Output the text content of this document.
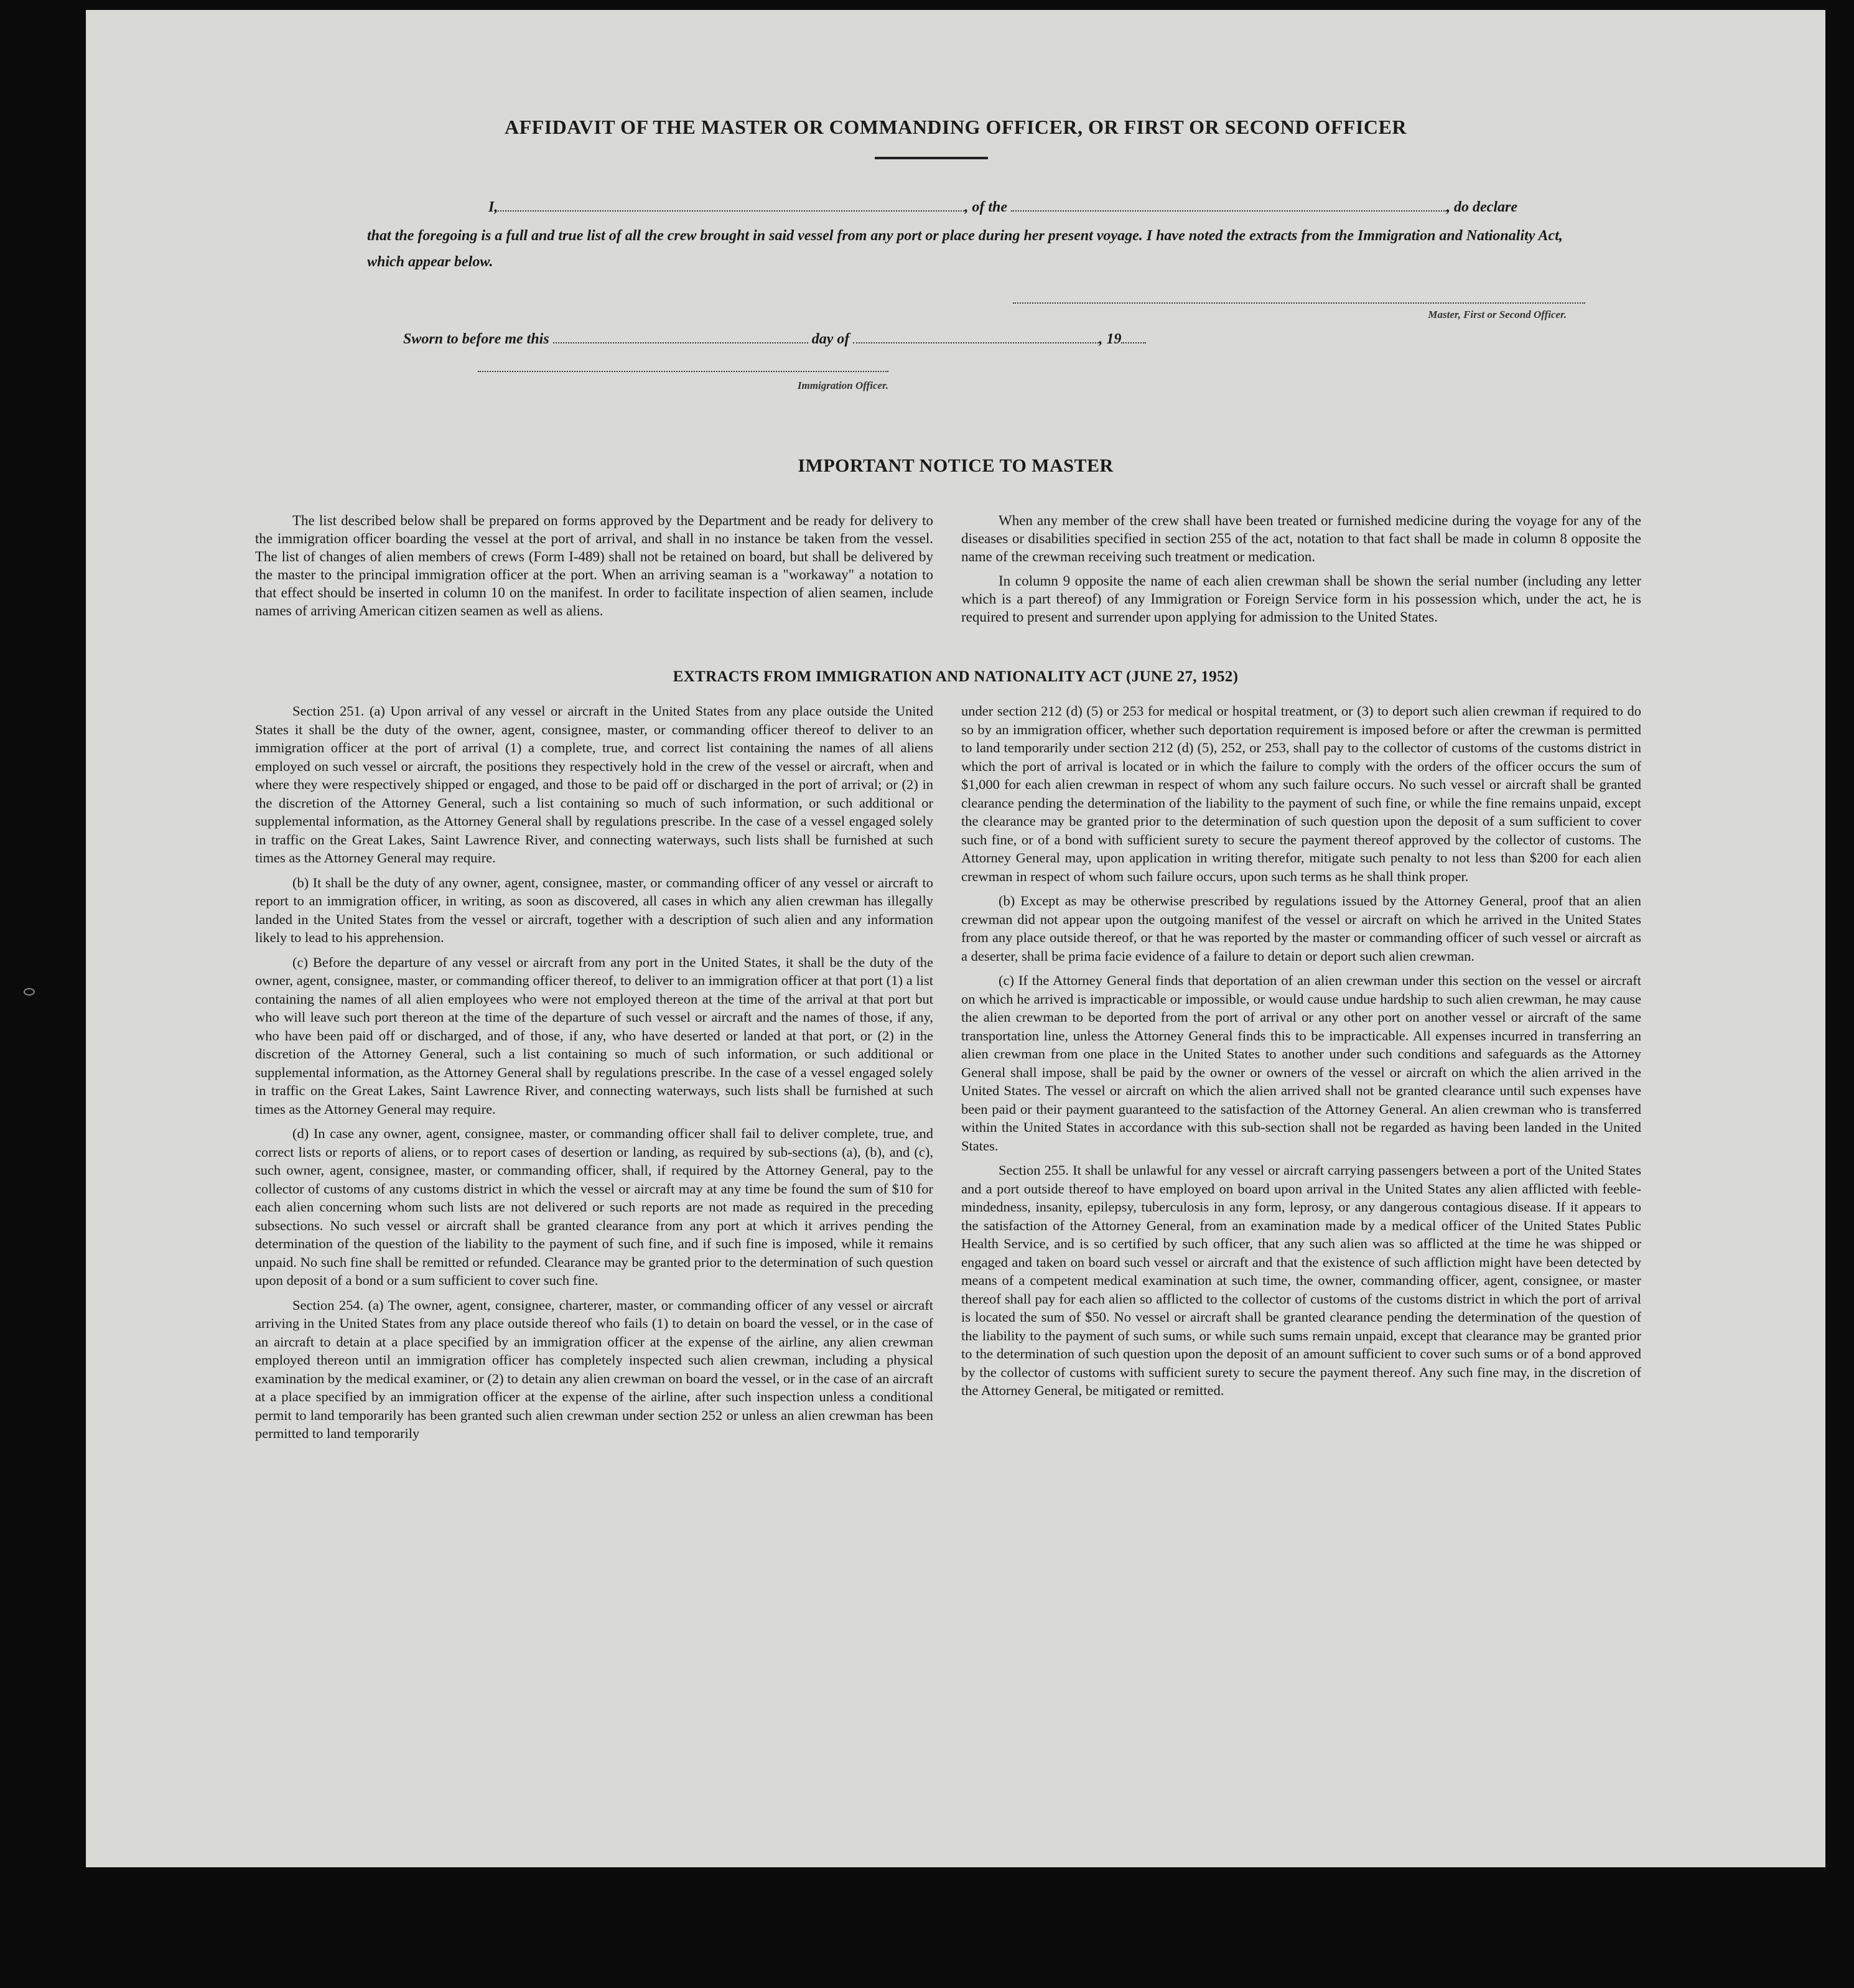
AFFIDAVIT OF THE MASTER OR COMMANDING OFFICER, OR FIRST OR SECOND OFFICER
I,	, of the	, do declare
that the foregoing is a full and true list of all the crew brought in said vessel from any port or place during her present voyage. I have noted the extracts from the Immigration and Nationality Act, which appear below.
Master, First or Second Officer.
Sworn to before me this	day of	, 19
Immigration Officer.
IMPORTANT NOTICE TO MASTER

The list described below shall be prepared on forms approved by the Department and be ready for delivery to the immigration officer boarding the vessel at the port of arrival, and shall in no instance be taken from the vessel. The list of changes of alien members of crews (Form I-489) shall not be retained on board, but shall be delivered by the master to the principal immigration officer at the port. When an arriving seaman is a "workaway" a notation to that effect should be inserted in column 10 on the manifest. In order to facilitate inspection of alien seamen, include names of arriving American citizen seamen as well as aliens.

When any member of the crew shall have been treated or furnished medicine during the voyage for any of the diseases or disabilities specified in section 255 of the act, notation to that fact shall be made in column 8 opposite the name of the crewman receiving such treatment or medication.

In column 9 opposite the name of each alien crewman shall be shown the serial number (including any letter which is a part thereof) of any Immigration or Foreign Service form in his possession which, under the act, he is required to present and surrender upon applying for admission to the United States.

EXTRACTS FROM IMMIGRATION AND NATIONALITY ACT (JUNE 27, 1952)

Section 251. (a) Upon arrival of any vessel or aircraft in the United States from any place outside the United States it shall be the duty of the owner, agent, consignee, master, or commanding officer thereof to deliver to an immigration officer at the port of arrival (1) a complete, true, and correct list containing the names of all aliens employed on such vessel or aircraft, the positions they respectively hold in the crew of the vessel or aircraft, when and where they were respectively shipped or engaged, and those to be paid off or discharged in the port of arrival; or (2) in the discretion of the Attorney General, such a list containing so much of such information, or such additional or supplemental information, as the Attorney General shall by regulations prescribe. In the case of a vessel engaged solely in traffic on the Great Lakes, Saint Lawrence River, and connecting waterways, such lists shall be furnished at such times as the Attorney General may require.

(b) It shall be the duty of any owner, agent, consignee, master, or commanding officer of any vessel or aircraft to report to an immigration officer, in writing, as soon as discovered, all cases in which any alien crewman has illegally landed in the United States from the vessel or aircraft, together with a description of such alien and any information likely to lead to his apprehension.

(c) Before the departure of any vessel or aircraft from any port in the United States, it shall be the duty of the owner, agent, consignee, master, or commanding officer thereof, to deliver to an immigration officer at that port (1) a list containing the names of all alien employees who were not employed thereon at the time of the arrival at that port but who will leave such port thereon at the time of the departure of such vessel or aircraft and the names of those, if any, who have been paid off or discharged, and of those, if any, who have deserted or landed at that port, or (2) in the discretion of the Attorney General, such a list containing so much of such information, or such additional or supplemental information, as the Attorney General shall by regulations prescribe. In the case of a vessel engaged solely in traffic on the Great Lakes, Saint Lawrence River, and connecting waterways, such lists shall be furnished at such times as the Attorney General may require.

(d) In case any owner, agent, consignee, master, or commanding officer shall fail to deliver complete, true, and correct lists or reports of aliens, or to report cases of desertion or landing, as required by sub-sections (a), (b), and (c), such owner, agent, consignee, master, or commanding officer, shall, if required by the Attorney General, pay to the collector of customs of any customs district in which the vessel or aircraft may at any time be found the sum of $10 for each alien concerning whom such lists are not delivered or such reports are not made as required in the preceding subsections. No such vessel or aircraft shall be granted clearance from any port at which it arrives pending the determination of the question of the liability to the payment of such fine, and if such fine is imposed, while it remains unpaid. No such fine shall be remitted or refunded. Clearance may be granted prior to the determination of such question upon deposit of a bond or a sum sufficient to cover such fine.

Section 254. (a) The owner, agent, consignee, charterer, master, or commanding officer of any vessel or aircraft arriving in the United States from any place outside thereof who fails (1) to detain on board the vessel, or in the case of an aircraft to detain at a place specified by an immigration officer at the expense of the airline, any alien crewman employed thereon until an immigration officer has completely inspected such alien crewman, including a physical examination by the medical examiner, or (2) to detain any alien crewman on board the vessel, or in the case of an aircraft at a place specified by an immigration officer at the expense of the airline, after such inspection unless a conditional permit to land temporarily has been granted such alien crewman under section 252 or unless an alien crewman has been permitted to land temporarily

under section 212 (d) (5) or 253 for medical or hospital treatment, or (3) to deport such alien crewman if required to do so by an immigration officer, whether such deportation requirement is imposed before or after the crewman is permitted to land temporarily under section 212 (d) (5), 252, or 253, shall pay to the collector of customs of the customs district in which the port of arrival is located or in which the failure to comply with the orders of the officer occurs the sum of $1,000 for each alien crewman in respect of whom any such failure occurs. No such vessel or aircraft shall be granted clearance pending the determination of the liability to the payment of such fine, or while the fine remains unpaid, except the clearance may be granted prior to the determination of such question upon the deposit of a sum sufficient to cover such fine, or of a bond with sufficient surety to secure the payment thereof approved by the collector of customs. The Attorney General may, upon application in writing therefor, mitigate such penalty to not less than $200 for each alien crewman in respect of whom such failure occurs, upon such terms as he shall think proper.

(b) Except as may be otherwise prescribed by regulations issued by the Attorney General, proof that an alien crewman did not appear upon the outgoing manifest of the vessel or aircraft on which he arrived in the United States from any place outside thereof, or that he was reported by the master or commanding officer of such vessel or aircraft as a deserter, shall be prima facie evidence of a failure to detain or deport such alien crewman.

(c) If the Attorney General finds that deportation of an alien crewman under this section on the vessel or aircraft on which he arrived is impracticable or impossible, or would cause undue hardship to such alien crewman, he may cause the alien crewman to be deported from the port of arrival or any other port on another vessel or aircraft of the same transportation line, unless the Attorney General finds this to be impracticable. All expenses incurred in transferring an alien crewman from one place in the United States to another under such conditions and safeguards as the Attorney General shall impose, shall be paid by the owner or owners of the vessel or aircraft on which the alien arrived in the United States. The vessel or aircraft on which the alien arrived shall not be granted clearance until such expenses have been paid or their payment guaranteed to the satisfaction of the Attorney General. An alien crewman who is transferred within the United States in accordance with this sub-section shall not be regarded as having been landed in the United States.

Section 255. It shall be unlawful for any vessel or aircraft carrying passengers between a port of the United States and a port outside thereof to have employed on board upon arrival in the United States any alien afflicted with feeble-mindedness, insanity, epilepsy, tuberculosis in any form, leprosy, or any dangerous contagious disease. If it appears to the satisfaction of the Attorney General, from an examination made by a medical officer of the United States Public Health Service, and is so certified by such officer, that any such alien was so afflicted at the time he was shipped or engaged and taken on board such vessel or aircraft and that the existence of such affliction might have been detected by means of a competent medical examination at such time, the owner, commanding officer, agent, consignee, or master thereof shall pay for each alien so afflicted to the collector of customs of the customs district in which the port of arrival is located the sum of $50. No vessel or aircraft shall be granted clearance pending the determination of the question of the liability to the payment of such sums, or while such sums remain unpaid, except that clearance may be granted prior to the determination of such question upon the deposit of an amount sufficient to cover such sums or of a bond approved by the collector of customs with sufficient surety to secure the payment thereof. Any such fine may, in the discretion of the Attorney General, be mitigated or remitted.
